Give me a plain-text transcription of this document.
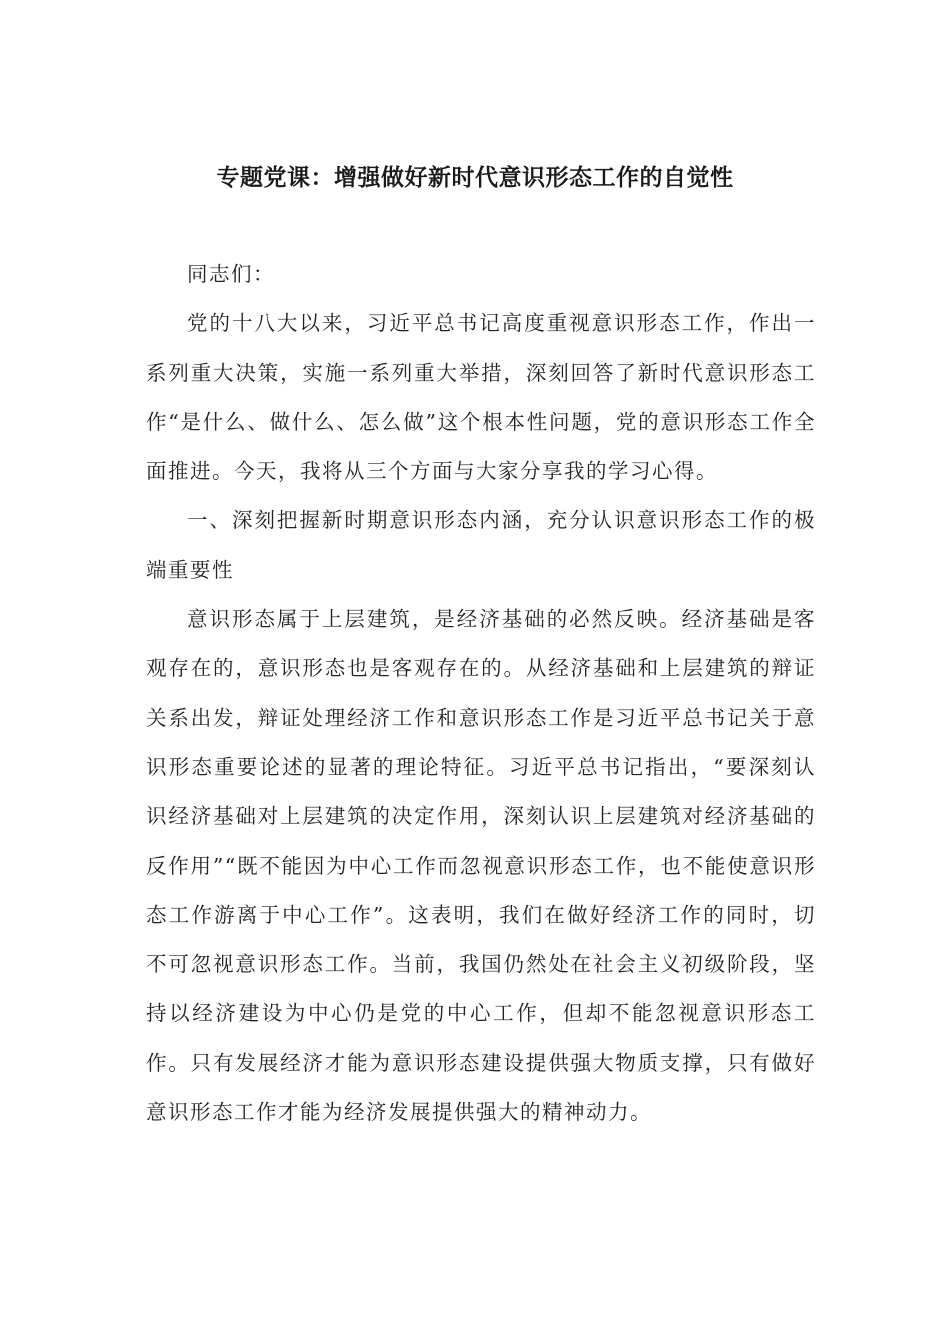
专题党课：增强做好新时代意识形态工作的自觉性

同志们：

党的十八大以来，习近平总书记高度重视意识形态工作，作出一系列重大决策，实施一系列重大举措，深刻回答了新时代意识形态工作“是什么、做什么、怎么做”这个根本性问题，党的意识形态工作全面推进。今天，我将从三个方面与大家分享我的学习心得。

一、深刻把握新时期意识形态内涵，充分认识意识形态工作的极端重要性

意识形态属于上层建筑，是经济基础的必然反映。经济基础是客观存在的，意识形态也是客观存在的。从经济基础和上层建筑的辩证关系出发，辩证处理经济工作和意识形态工作是习近平总书记关于意识形态重要论述的显著的理论特征。习近平总书记指出，“要深刻认识经济基础对上层建筑的决定作用，深刻认识上层建筑对经济基础的反作用”“既不能因为中心工作而忽视意识形态工作，也不能使意识形态工作游离于中心工作”。这表明，我们在做好经济工作的同时，切不可忽视意识形态工作。当前，我国仍然处在社会主义初级阶段，坚持以经济建设为中心仍是党的中心工作，但却不能忽视意识形态工作。只有发展经济才能为意识形态建设提供强大物质支撑，只有做好意识形态工作才能为经济发展提供强大的精神动力。
